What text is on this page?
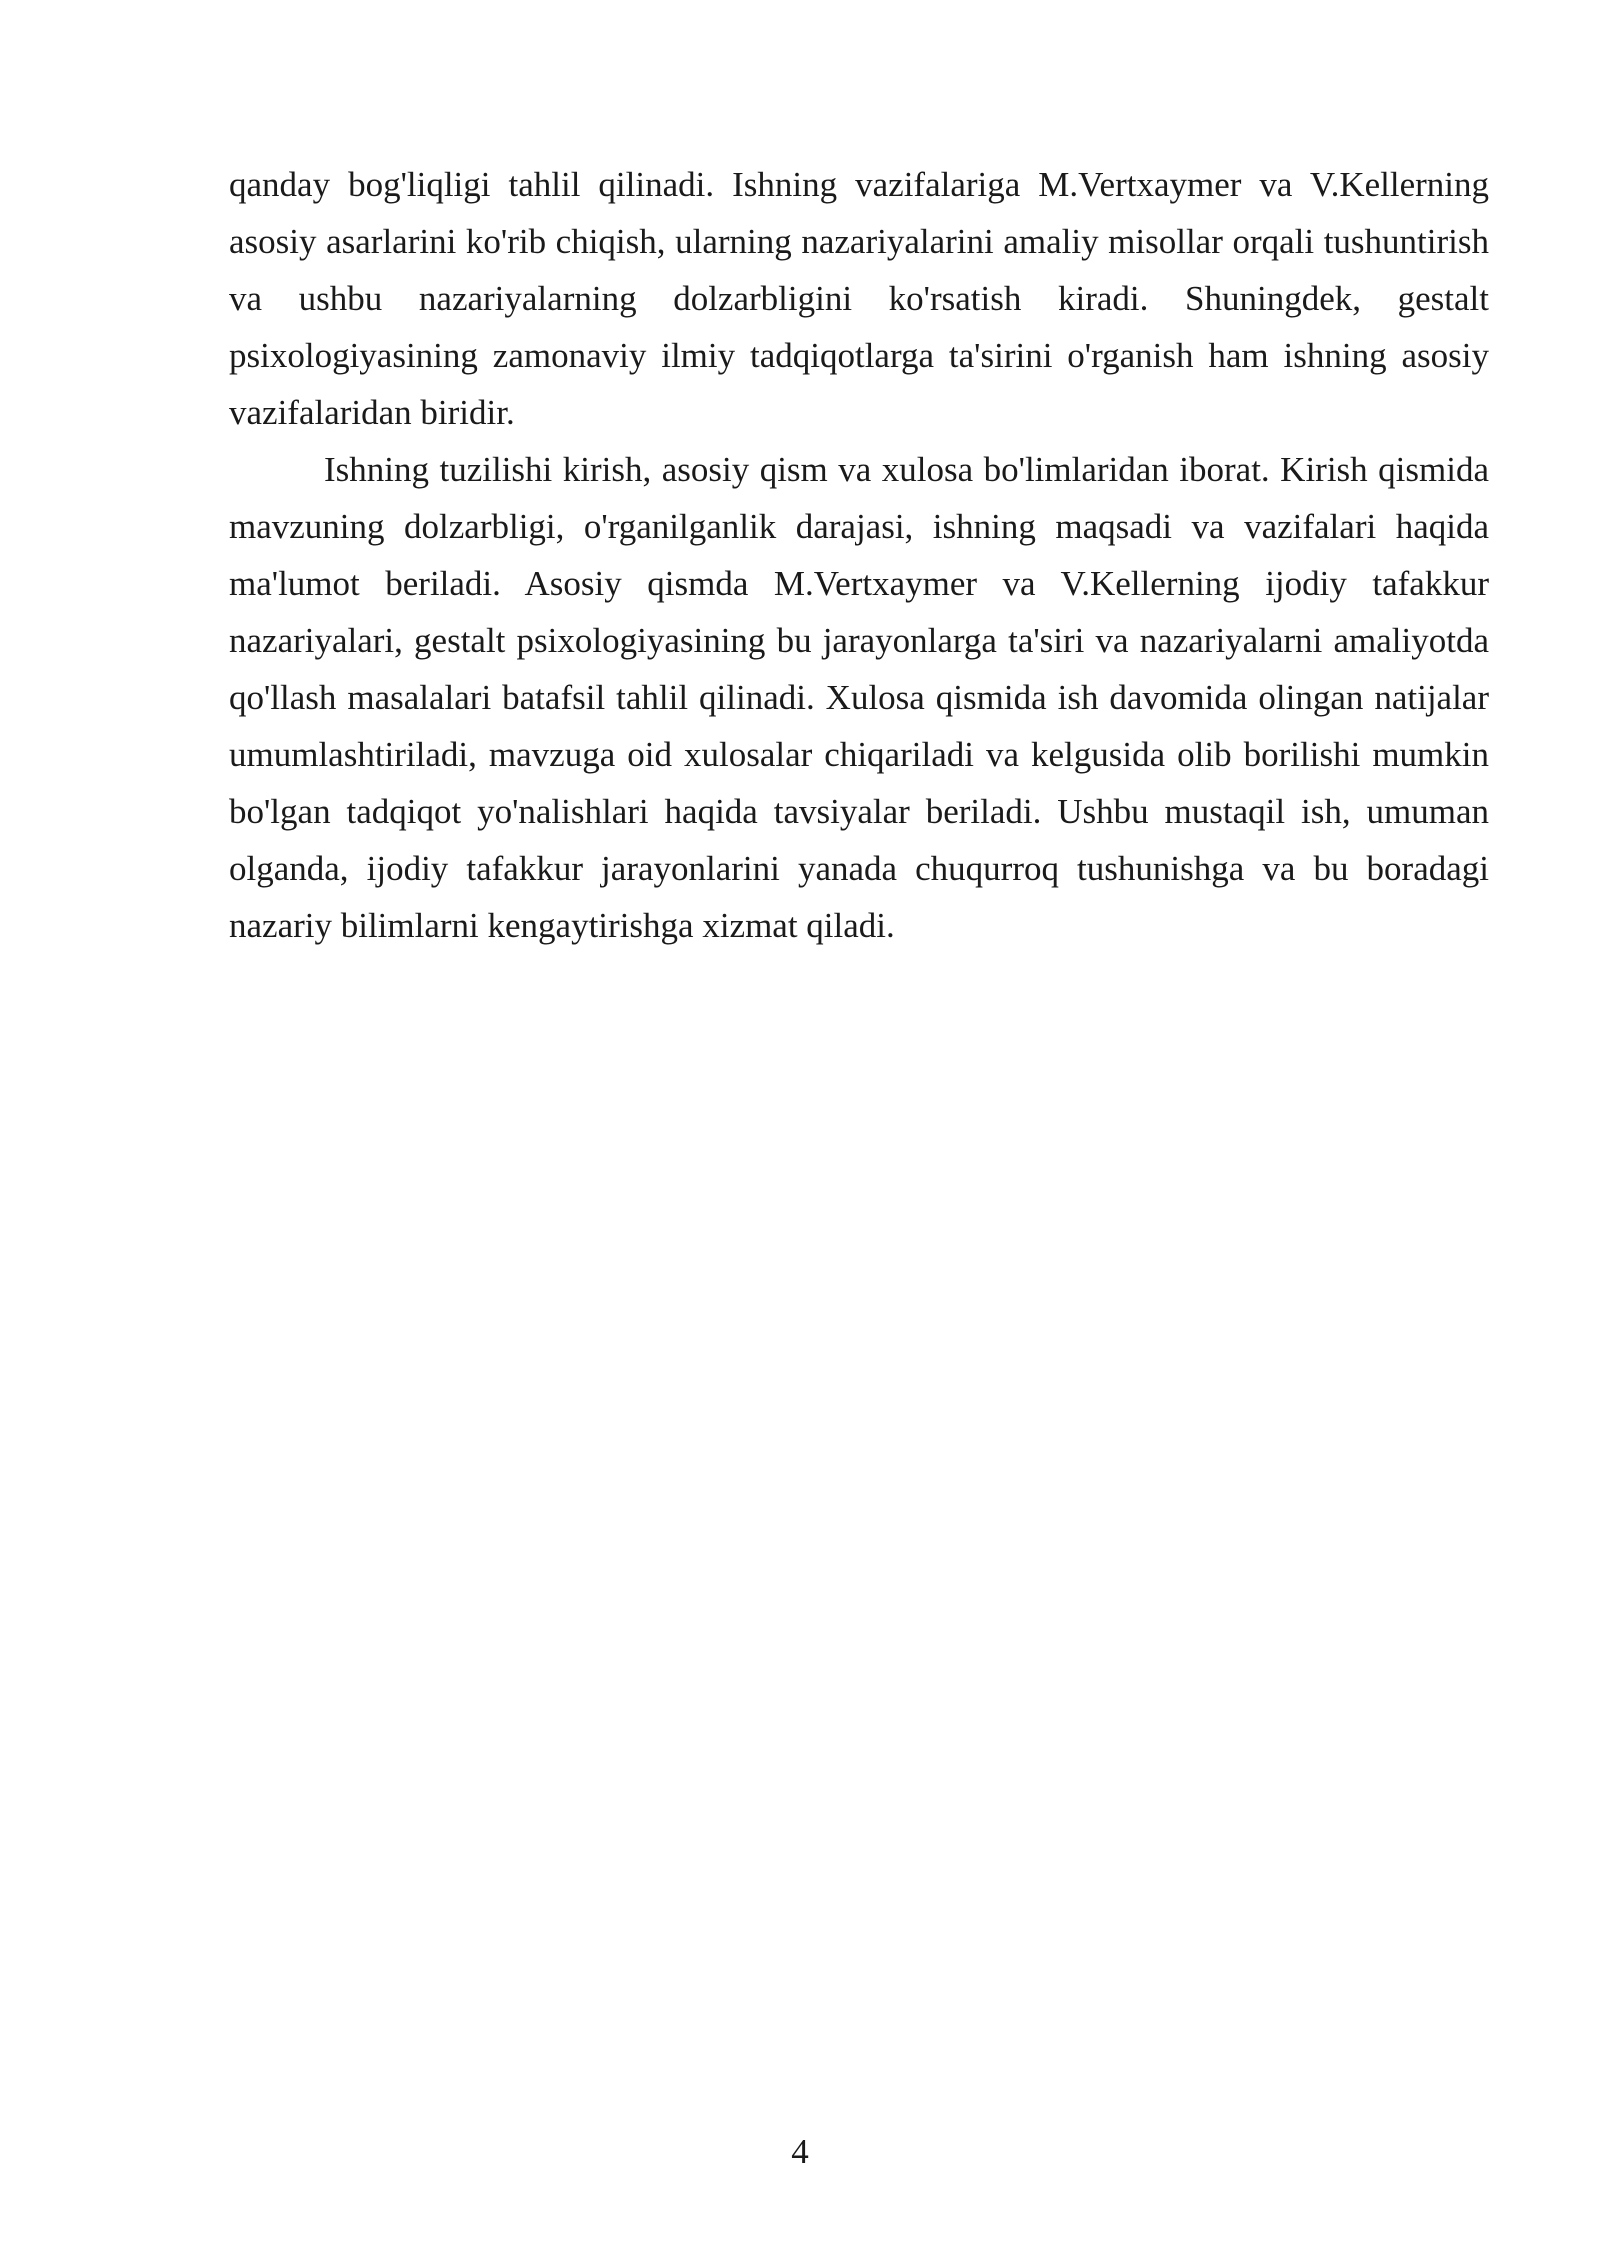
qanday bog'liqligi tahlil qilinadi. Ishning vazifalariga M.Vertxaymer va V.Kellerning asosiy asarlarini ko'rib chiqish, ularning nazariyalarini amaliy misollar orqali tushuntirish va ushbu nazariyalarning dolzarbligini ko'rsatish kiradi. Shuningdek, gestalt psixologiyasining zamonaviy ilmiy tadqiqotlarga ta'sirini o'rganish ham ishning asosiy vazifalaridan biridir.

Ishning tuzilishi kirish, asosiy qism va xulosa bo'limlaridan iborat. Kirish qismida mavzuning dolzarbligi, o'rganilganlik darajasi, ishning maqsadi va vazifalari haqida ma'lumot beriladi. Asosiy qismda M.Vertxaymer va V.Kellerning ijodiy tafakkur nazariyalari, gestalt psixologiyasining bu jarayonlarga ta'siri va nazariyalarni amaliyotda qo'llash masalalari batafsil tahlil qilinadi. Xulosa qismida ish davomida olingan natijalar umumlashtiriladi, mavzuga oid xulosalar chiqariladi va kelgusida olib borilishi mumkin bo'lgan tadqiqot yo'nalishlari haqida tavsiyalar beriladi. Ushbu mustaqil ish, umuman olganda, ijodiy tafakkur jarayonlarini yanada chuqurroq tushunishga va bu boradagi nazariy bilimlarni kengaytirishga xizmat qiladi.

4
